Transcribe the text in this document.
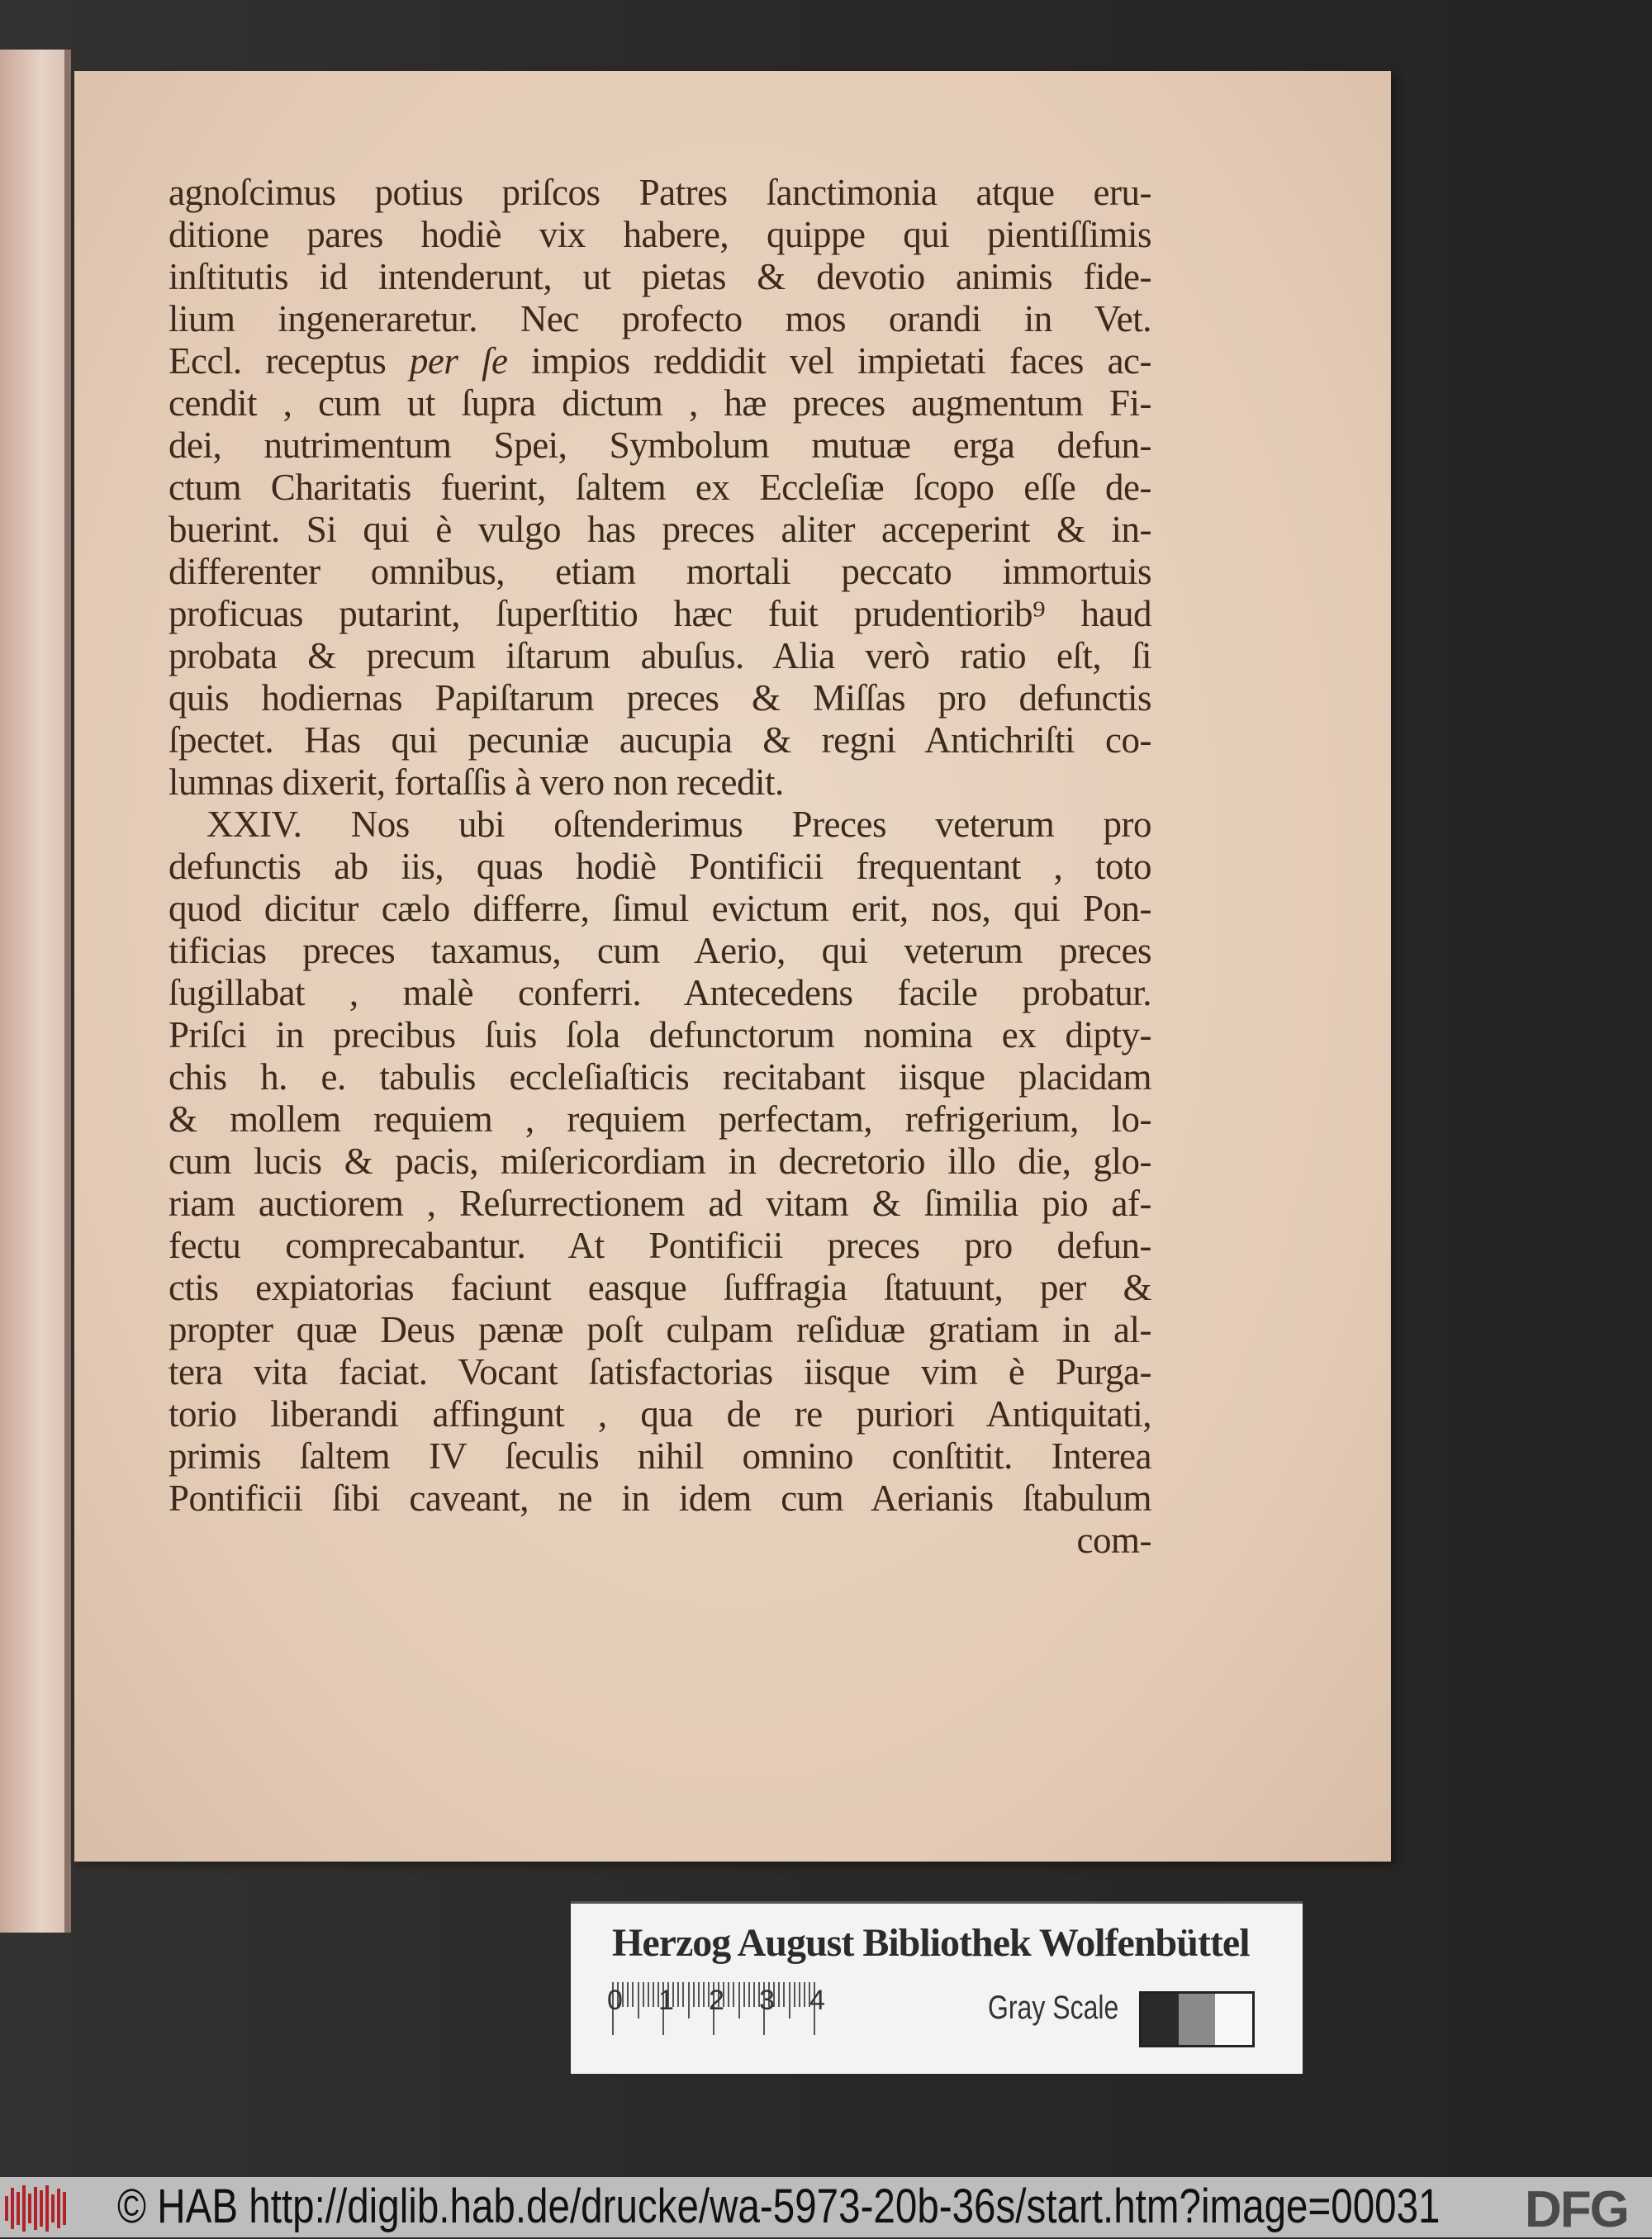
agnoſcimus potius priſcos Patres ſanctimonia atque eru-
ditione pares hodiè vix habere, quippe qui pientiſſimis
inſtitutis id intenderunt, ut pietas & devotio animis fide-
lium ingeneraretur. Nec profecto mos orandi in Vet.
Eccl. receptus per ſe impios reddidit vel impietati faces ac-
cendit , cum ut ſupra dictum , hæ preces augmentum Fi-
dei, nutrimentum Spei, Symbolum mutuæ erga defun-
ctum Charitatis fuerint, ſaltem ex Eccleſiæ ſcopo eſſe de-
buerint. Si qui è vulgo has preces aliter acceperint & in-
differenter omnibus, etiam mortali peccato immortuis
proficuas putarint, ſuperſtitio hæc fuit prudentiorib⁹ haud
probata & precum iſtarum abuſus. Alia verò ratio eſt, ſi
quis hodiernas Papiſtarum preces & Miſſas pro defunctis
ſpectet. Has qui pecuniæ aucupia & regni Antichriſti co-
lumnas dixerit, fortaſſis à vero non recedit.
XXIV. Nos ubi oſtenderimus Preces veterum pro
defunctis ab iis, quas hodiè Pontificii frequentant , toto
quod dicitur cælo differre, ſimul evictum erit, nos, qui Pon-
tificias preces taxamus, cum Aerio, qui veterum preces
ſugillabat , malè conferri. Antecedens facile probatur.
Priſci in precibus ſuis ſola defunctorum nomina ex dipty-
chis h. e. tabulis eccleſiaſticis recitabant iisque placidam
& mollem requiem , requiem perfectam, refrigerium, lo-
cum lucis & pacis, miſericordiam in decretorio illo die, glo-
riam auctiorem , Reſurrectionem ad vitam & ſimilia pio af-
fectu comprecabantur. At Pontificii preces pro defun-
ctis expiatorias faciunt easque ſuffragia ſtatuunt, per &
propter quæ Deus pænæ poſt culpam reſiduæ gratiam in al-
tera vita faciat. Vocant ſatisfactorias iisque vim è Purga-
torio liberandi affingunt , qua de re puriori Antiquitati,
primis ſaltem IV ſeculis nihil omnino conſtitit. Interea
Pontificii ſibi caveant, ne in idem cum Aerianis ſtabulum
com-
Herzog August Bibliothek Wolfenbüttel
0 1 2 3 4	Gray Scale
© HAB http://diglib.hab.de/drucke/wa-5973-20b-36s/start.htm?image=00031 DFG
